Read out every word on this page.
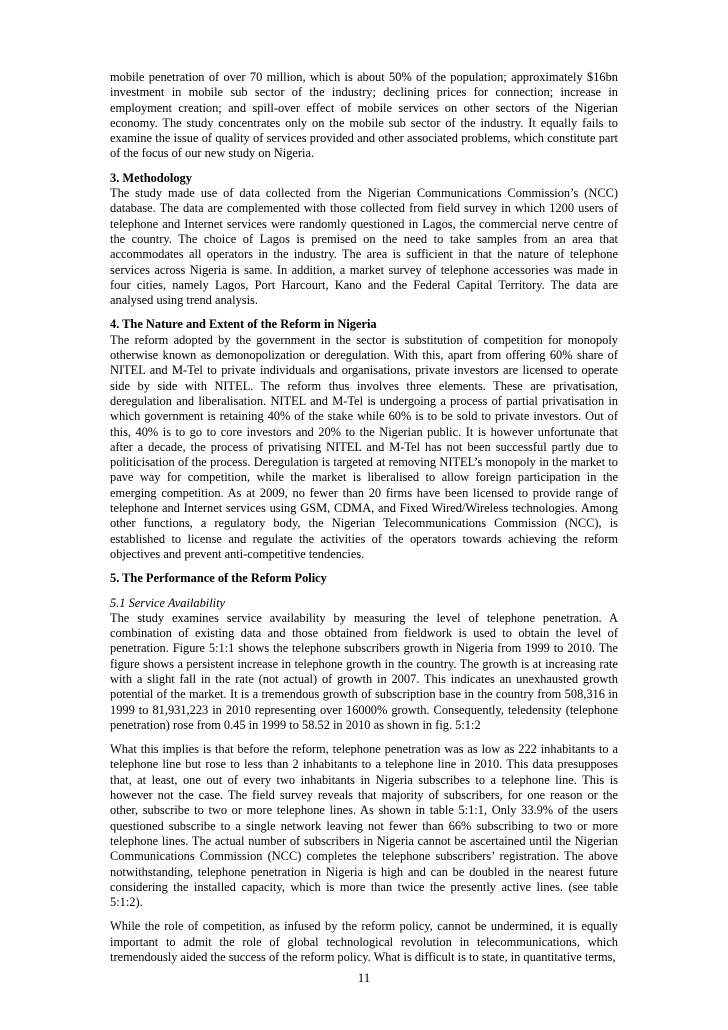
mobile penetration of over 70 million, which is about 50% of the population; approximately $16bn investment in mobile sub sector of the industry; declining prices for connection; increase in employment creation; and spill-over effect of mobile services on other sectors of the Nigerian economy. The study concentrates only on the mobile sub sector of the industry. It equally fails to examine the issue of quality of services provided and other associated problems, which constitute part of the focus of our new study on Nigeria.

3. Methodology

The study made use of data collected from the Nigerian Communications Commission’s (NCC) database. The data are complemented with those collected from field survey in which 1200 users of telephone and Internet services were randomly questioned in Lagos, the commercial nerve centre of the country. The choice of Lagos is premised on the need to take samples from an area that accommodates all operators in the industry. The area is sufficient in that the nature of telephone services across Nigeria is same. In addition, a market survey of telephone accessories was made in four cities, namely Lagos, Port Harcourt, Kano and the Federal Capital Territory. The data are analysed using trend analysis.

4. The Nature and Extent of the Reform in Nigeria

The reform adopted by the government in the sector is substitution of competition for monopoly otherwise known as demonopolization or deregulation. With this, apart from offering 60% share of NITEL and M-Tel to private individuals and organisations, private investors are licensed to operate side by side with NITEL. The reform thus involves three elements. These are privatisation, deregulation and liberalisation. NITEL and M-Tel is undergoing a process of partial privatisation in which government is retaining 40% of the stake while 60% is to be sold to private investors. Out of this, 40% is to go to core investors and 20% to the Nigerian public. It is however unfortunate that after a decade, the process of privatising NITEL and M-Tel has not been successful partly due to politicisation of the process. Deregulation is targeted at removing NITEL’s monopoly in the market to pave way for competition, while the market is liberalised to allow foreign participation in the emerging competition. As at 2009, no fewer than 20 firms have been licensed to provide range of telephone and Internet services using GSM, CDMA, and Fixed Wired/Wireless technologies. Among other functions, a regulatory body, the Nigerian Telecommunications Commission (NCC), is established to license and regulate the activities of the operators towards achieving the reform objectives and prevent anti-competitive tendencies.

5. The Performance of the Reform Policy
5.1 Service Availability

The study examines service availability by measuring the level of telephone penetration. A combination of existing data and those obtained from fieldwork is used to obtain the level of penetration. Figure 5:1:1 shows the telephone subscribers growth in Nigeria from 1999 to 2010. The figure shows a persistent increase in telephone growth in the country. The growth is at increasing rate with a slight fall in the rate (not actual) of growth in 2007. This indicates an unexhausted growth potential of the market. It is a tremendous growth of subscription base in the country from 508,316 in 1999 to 81,931,223 in 2010 representing over 16000% growth. Consequently, teledensity (telephone penetration) rose from 0.45 in 1999 to 58.52 in 2010 as shown in fig. 5:1:2

What this implies is that before the reform, telephone penetration was as low as 222 inhabitants to a telephone line but rose to less than 2 inhabitants to a telephone line in 2010. This data presupposes that, at least, one out of every two inhabitants in Nigeria subscribes to a telephone line. This is however not the case. The field survey reveals that majority of subscribers, for one reason or the other, subscribe to two or more telephone lines. As shown in table 5:1:1, Only 33.9% of the users questioned subscribe to a single network leaving not fewer than 66% subscribing to two or more telephone lines. The actual number of subscribers in Nigeria cannot be ascertained until the Nigerian Communications Commission (NCC) completes the telephone subscribers’ registration. The above notwithstanding, telephone penetration in Nigeria is high and can be doubled in the nearest future considering the installed capacity, which is more than twice the presently active lines. (see table 5:1:2).

While the role of competition, as infused by the reform policy, cannot be undermined, it is equally important to admit the role of global technological revolution in telecommunications, which tremendously aided the success of the reform policy. What is difficult is to state, in quantitative terms,

11
